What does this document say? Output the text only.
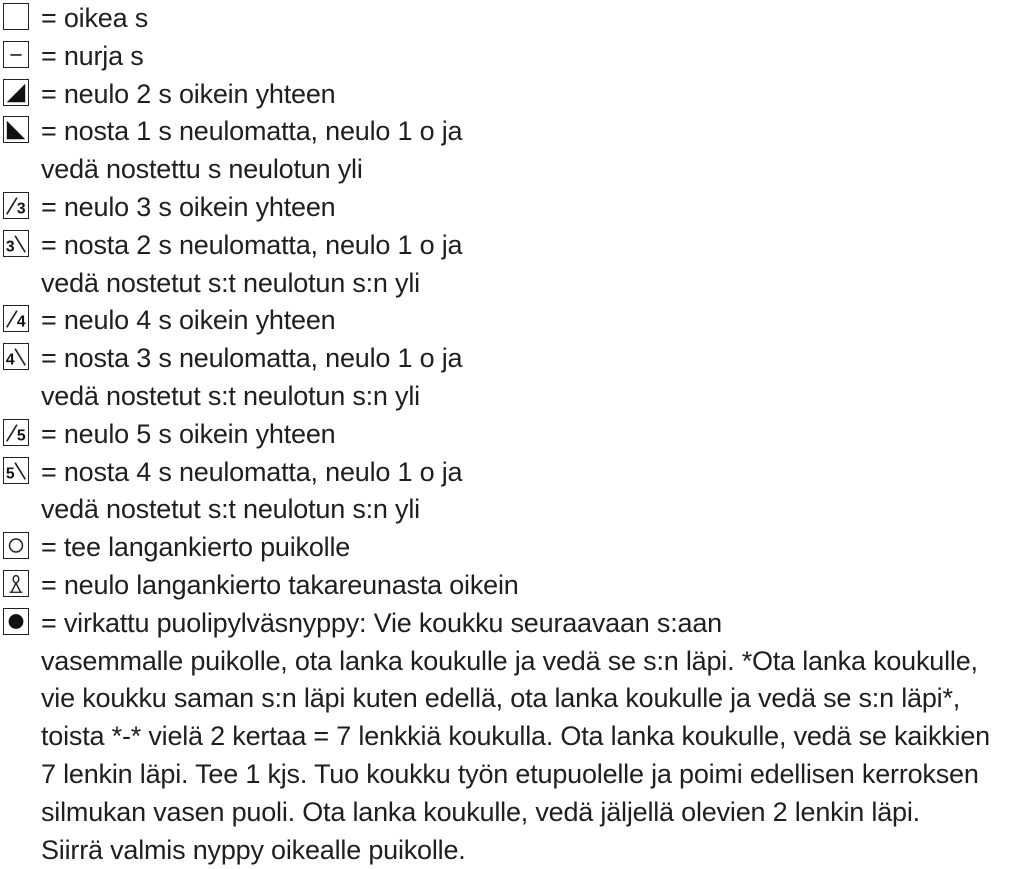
= oikea s
= nurja s
= neulo 2 s oikein yhteen
= nosta 1 s neulomatta, neulo 1 o ja
vedä nostettu s neulotun yli
3 = neulo 3 s oikein yhteen
3 = nosta 2 s neulomatta, neulo 1 o ja
vedä nostetut s:t neulotun s:n yli
4 = neulo 4 s oikein yhteen
4 = nosta 3 s neulomatta, neulo 1 o ja
vedä nostetut s:t neulotun s:n yli
5 = neulo 5 s oikein yhteen
5 = nosta 4 s neulomatta, neulo 1 o ja
vedä nostetut s:t neulotun s:n yli
= tee langankierto puikolle
= neulo langankierto takareunasta oikein
= virkattu puolipylväsnyppy: Vie koukku seuraavaan s:aan
vasemmalle puikolle, ota lanka koukulle ja vedä se s:n läpi. *Ota lanka koukulle,
vie koukku saman s:n läpi kuten edellä, ota lanka koukulle ja vedä se s:n läpi*,
toista *-* vielä 2 kertaa = 7 lenkkiä koukulla. Ota lanka koukulle, vedä se kaikkien
7 lenkin läpi. Tee 1 kjs. Tuo koukku työn etupuolelle ja poimi edellisen kerroksen
silmukan vasen puoli. Ota lanka koukulle, vedä jäljellä olevien 2 lenkin läpi.
Siirrä valmis nyppy oikealle puikolle.
